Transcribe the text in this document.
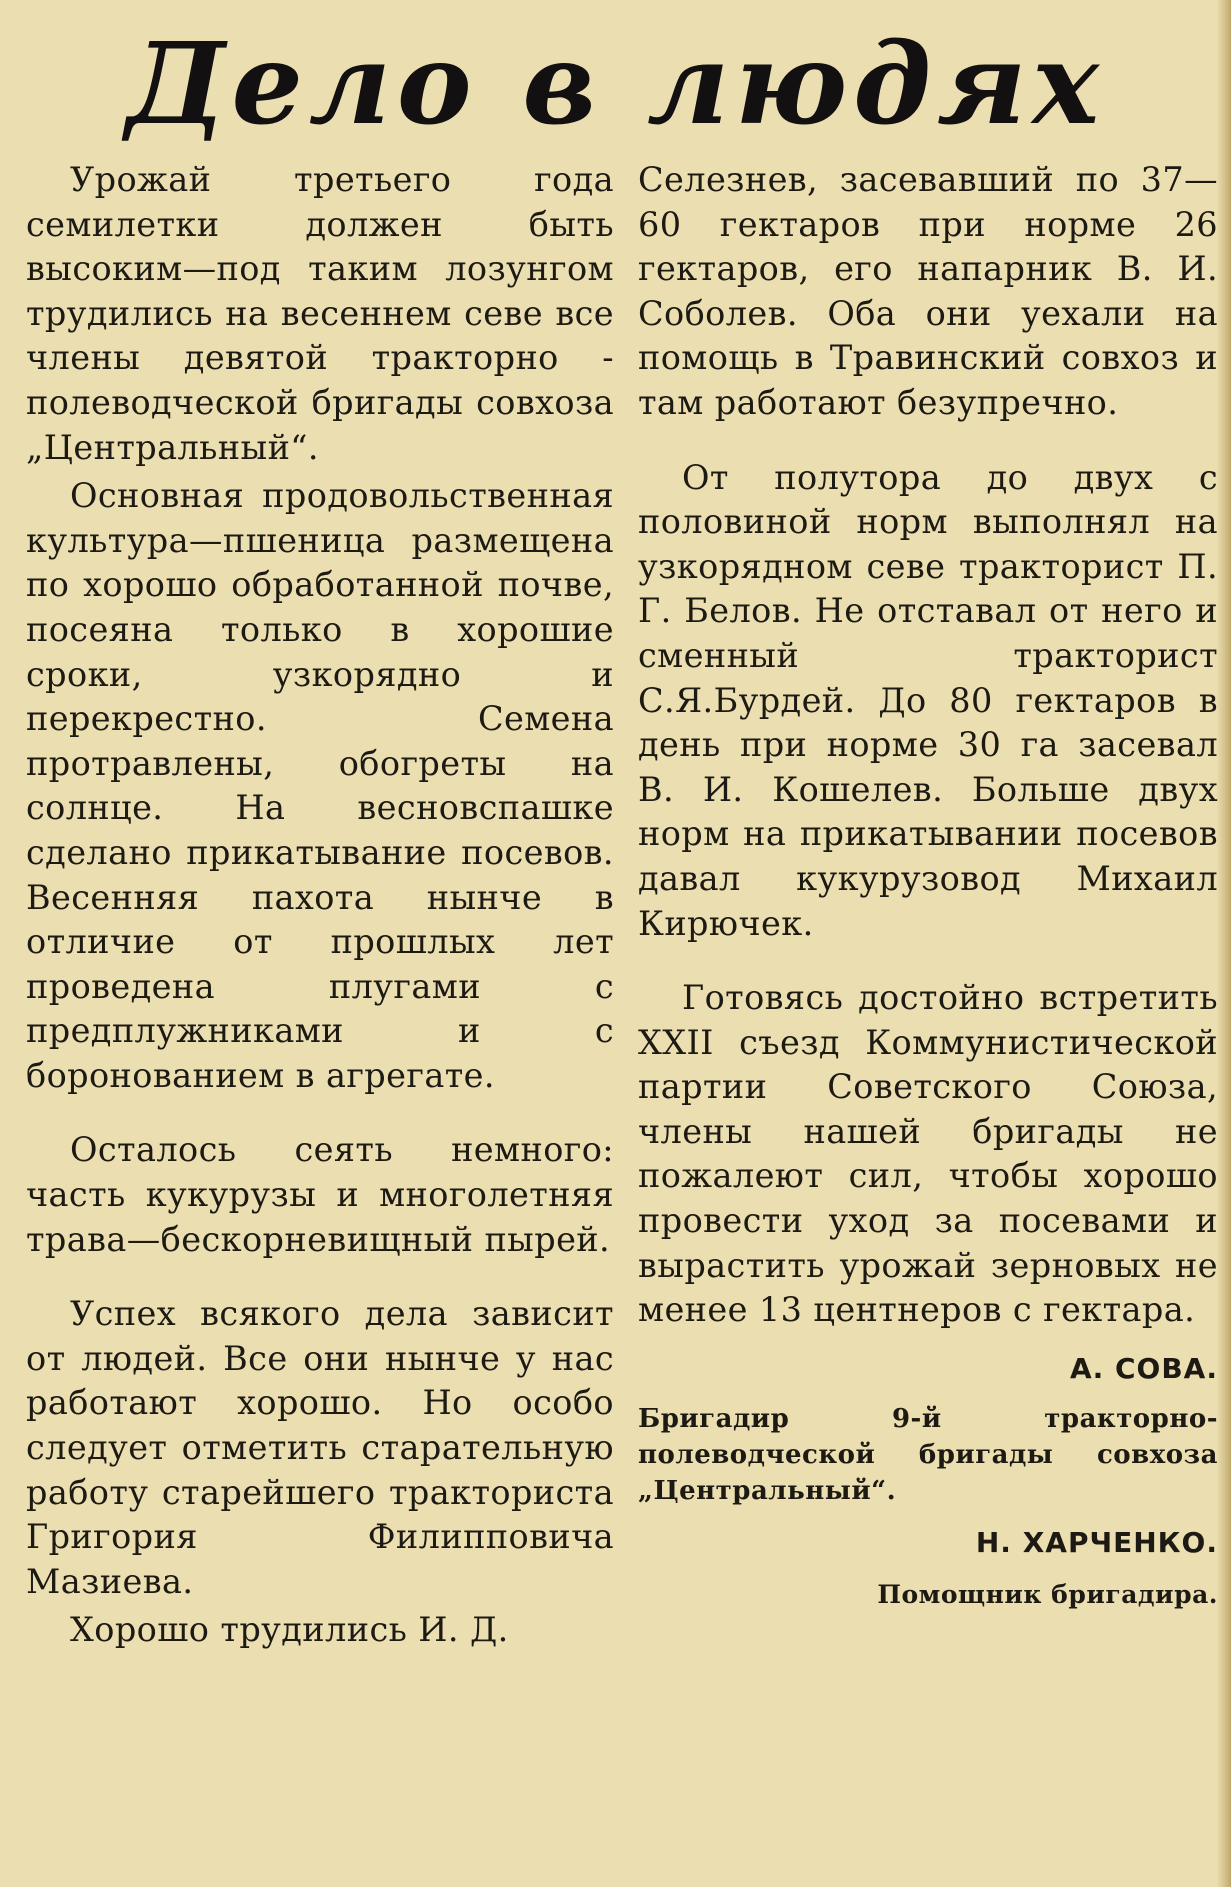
Дело в людях

Урожай третьего года семилетки должен быть высоким—под таким лозунгом трудились на весеннем севе все члены девятой тракторно - полеводческой бригады совхоза „Центральный“.

Основная продовольственная культура—пшеница размещена по хорошо обработанной почве, посеяна только в хорошие сроки, узкорядно и перекрестно. Семена протравлены, обогреты на солнце. На весновспашке сделано прикатывание посевов. Весенняя пахота нынче в отличие от прошлых лет проведена плугами с предплужниками и с боронованием в агрегате.

Осталось сеять немного: часть кукурузы и многолетняя трава—бескорневищный пырей.

Успех всякого дела зависит от людей. Все они нынче у нас работают хорошо. Но особо следует отметить старательную работу старейшего тракториста Григория Филипповича Мазиева.

Хорошо трудились И. Д.

Селезнев, засевавший по 37—60 гектаров при норме 26 гектаров, его напарник В. И. Соболев. Оба они уехали на помощь в Травинский совхоз и там работают безупречно.

От полутора до двух с половиной норм выполнял на узкорядном севе тракторист П. Г. Белов. Не отставал от него и сменный тракторист С.Я.Бурдей. До 80 гектаров в день при норме 30 га засевал В. И. Кошелев. Больше двух норм на прикатывании посевов давал кукурузовод Михаил Кирючек.

Готовясь достойно встретить XXII съезд Коммунистической партии Советского Союза, члены нашей бригады не пожалеют сил, чтобы хорошо провести уход за посевами и вырастить урожай зерновых не менее 13 центнеров с гектара.

А. СОВА.
Бригадир 9-й тракторно-полеводческой бригады совхоза „Центральный“.
Н. ХАРЧЕНКО.
Помощник бригадира.
